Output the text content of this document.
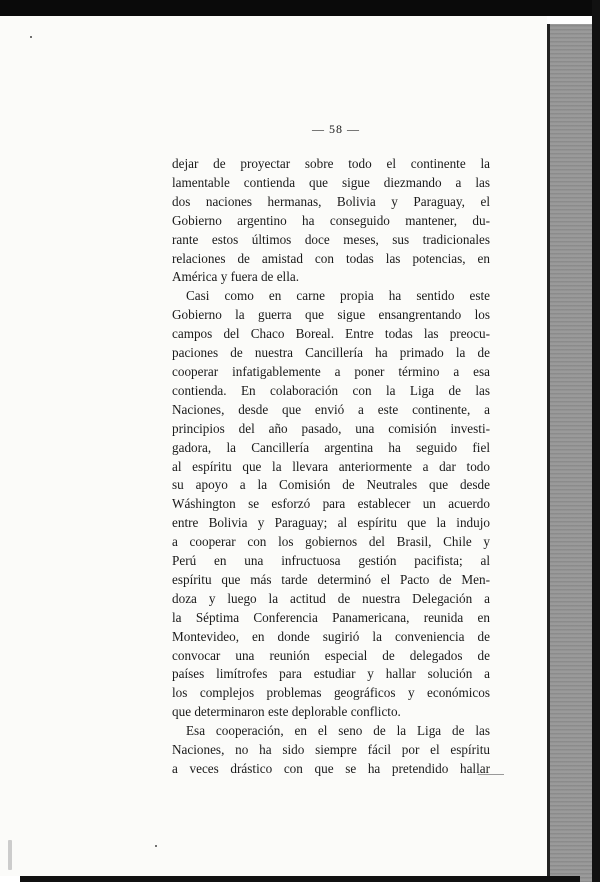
— 58 —
dejar de proyectar sobre todo el continente la
lamentable contienda que sigue diezmando a las
dos naciones hermanas, Bolivia y Paraguay, el
Gobierno argentino ha conseguido mantener, du-
rante estos últimos doce meses, sus tradicionales
relaciones de amistad con todas las potencias, en
América y fuera de ella.
Casi como en carne propia ha sentido este
Gobierno la guerra que sigue ensangrentando los
campos del Chaco Boreal. Entre todas las preocu-
paciones de nuestra Cancillería ha primado la de
cooperar infatigablemente a poner término a esa
contienda. En colaboración con la Liga de las
Naciones, desde que envió a este continente, a
principios del año pasado, una comisión investi-
gadora, la Cancillería argentina ha seguido fiel
al espíritu que la llevara anteriormente a dar todo
su apoyo a la Comisión de Neutrales que desde
Wáshington se esforzó para establecer un acuerdo
entre Bolivia y Paraguay; al espíritu que la indujo
a cooperar con los gobiernos del Brasil, Chile y
Perú en una infructuosa gestión pacifista; al
espíritu que más tarde determinó el Pacto de Men-
doza y luego la actitud de nuestra Delegación a
la Séptima Conferencia Panamericana, reunida en
Montevideo, en donde sugirió la conveniencia de
convocar una reunión especial de delegados de
países limítrofes para estudiar y hallar solución a
los complejos problemas geográficos y económicos
que determinaron este deplorable conflicto.
Esa cooperación, en el seno de la Liga de las
Naciones, no ha sido siempre fácil por el espíritu
a veces drástico con que se ha pretendido hallar
